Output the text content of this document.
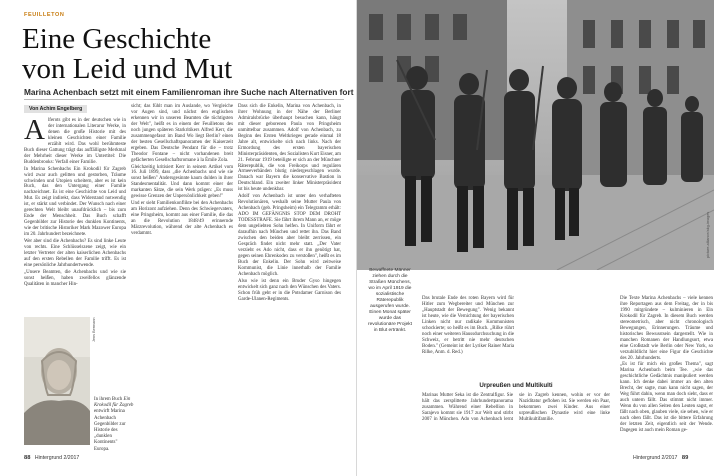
FEUILLETON
Eine Geschichte
von Leid und Mut
Marina Achenbach setzt mit einem Familienroman ihre Suche nach Alternativen fort
Von Achim Engelberg

Alferots gibt es in der deutschen wie in der internationalen Literarur Werke, in denen die große Historie mit des kleinen Geschichten einer Familie erzählt wird. Das wohl berühmteste Buch dieser Gattung trägt das auffälligste Merkmal der Mehrheit dieser Werke im Untertitel: Die Buddenbrooks: Verfall einer Familie.

In Marina Schenbachs Ein Krokodil für Zagreb wird zwar auch gelitten und gestorben, Träume schwinden und Utopien scheitern, aber es ist kein Buch, das den Untergang einer Familie nachzeichnet. Es ist eine Geschichte von Leid und Mut. Es zeigt indirekt, dass Widerstand notwendig ist, er stärkt und verbindet. Der Wunsch nach einer gerechten Welt bleibt unaufdrücklich – bis zum Ende der Menschheit. Das Buch schafft Gegenbilder zur Historie des dunklen Kontinents, wie der britische Historiker Mark Mazower Europa im 20. Jahrhundert bezeichnete.

Wer aber sind die Achenbachs? Es sind linke Leute von rechts. Eine Schlüsselszene zeigt, wie ein letzter Vertreter der alten kaiserlichen Achenbachs auf den ersten Rebellen der Familie trifft. Es ist eine persönliche Jahrhundertwende.

„Unsere Beamten, die Achenbachs und wie sie sonst heißen, haben zweifellos glänzende Qualitäten in mancher Hin-

sicht; das fühlt man im Auslande, wo Vergleiche vor Augen sind, und nächst den englischen erkennen wir in unseren Beamten die tüchtigsten der Welt", heißt es in einem der Feuilletons des noch jungen späteren Starkritikers Alfred Kerr, die zusammengefasst im Band Wo liegt Berlin? einen der besten Gesellschaftspanoramen der Kaiserzeit ergeben. Das Deutsche Pendant für die – trotz Theodor Fontane – nicht vorhandenen breit gefächerten Gesellschaftsromane à la Émile Zola.

Gleichzeitig kritisiert Kerr in seinem Artikel vom 16. Juli 1899, dass „die Achenbachs und wie sie sonst heißen" Andersgesinnte kaum dulden in ihrer Standesmentalität. Und dann kommt einer der markanten Sätze, die sein Werk prägen: „Es muss gewisse Grenzen der Unpersönlichkeit geben!"

Und er sieht Familienkonflikte bei den Achenbachs am Horizont aufziehen. Denn des Schwiegervaters, eine Pringsheim, kommt aus einer Familie, die das an die Revolution 1848/49 erinnernde Märzrevolution, während der alte Achenbach es verdammt.

Dass sich die Enkelin, Marina von Achenbach, in ihrer Wohnung in der Nähe der Berliner Admiralsbrücke überhaupt besuchen kann, hängt mit dieser geborenen Paula von Pringsheim unmittelbar zusammen. Adolf von Achenbach, zu Beginn des Ersten Weltkrieges gerade einmal 18 Jahre alt, entwickelte sich nach links. Nach der Ermordung des ersten bayerischen Ministerpräsidenten, des Sozialisten Kurt Eisner, am 21. Februar 1919 beteiligte er sich an der Münchner Räterepublik, die von Freikorps und regulären Armeeverbänden blutig niedergeschlagen wurde. Danach war Bayern die konservative Bastion in Deutschland. Ein zweiter linker Ministerpräsident ist bis heute undenkbar.

Adolf von Achenbach ist unter den verhafteten Revolutionären, weshalb seine Mutter Paula von Achenbach (geb. Pringsheim) ein Telegramm erhält: ADO IM GEFÄNGNIS STOP DEM DROHT TODESSTRAFE. Sie fährt ihrem Mann an, er möge dem ungeliebten Sohn helfen. In Uniform fährt er daraufhin nach München und rettet ihn. Das Band zwischen den beiden aber bleibt zerrissen, ein Gespräch findet nicht mehr statt. „Der Vater verzieht es Ado nicht, dass er ihn genötigt hat, gegen seinen Ehrenkodex zu verstoßen", heißt es im Buch der Enkelin. Der Sohn wird zeitweise Kommunist, die Linie innerhalb der Familie Achenbach möglich.

Also wie ist denn ein Bruder Gyso hingegen entwickelt sich ganz nach den Wünschen des Vaters. Schon früh geht er in die Potsdamer Garnison des Garde-Ulanen-Regiments.

Jens Bermann
In ihrem Buch Ein Krokodil für Zagreb entwirft Marina Achenbach Gegenbilder zur Historie des „dunklen Kontinents" Europa.
88 Hintergrund 2/2017
picture-alliance/akg-images
Bewaffnete Männer ziehen durch die Straßen Münchens, wo im April 1919 die sozialistische Räterepublik ausgerufen wurde. Einen Monat später wurde das revolutionäre Projekt in Blut ertränkt.

Das brutale Ende des roten Bayern wird für Hitler zum Wegbereiter und München zur „Hauptstadt der Bewegung". Wenig bekannt ist heute, wie die Vernichtung der bayerischen Linken nicht nur radikale Kommunisten schockierte; so heißt es im Buch. „Rilke rührt noch einer weiteren Haussdurchsuchung in die Schweiz, er betritt nie mehr deutschen Boden." (Gemeint ist der Lyriker Rainer Maria Rilke, Anm. d. Red.)

Urpreußen und Multikulti

Marinas Mutter Seka ist die Zentralfigur. Sie hält das zersplitterte Jahrhundertpanorama zusammen. Während einer Rebellion in Sarajevo kommt sie 1917 zur Welt und stirbt 2007 in München. Ado von Achenbach lernt sie in Zagreb kennen, wohin er vor der Naziditatur geflohen ist. Sie werden ein Paar, bekommen zwei Kinder. Aus einer urpreußischen Dynastie wird eine linke Multikultifamilie.

Die Texte Marina Achenbachs – viele kennen ihre Reportagen aus dem Freitag, der in bis 1990 mitgründete – kulminieren in Ein Krokodil für Zagreb. In diesem Buch werden stereometrisch, aber nicht chronologisch Bewegungen, Erinnerungen. Träume und historisches Bewusstsein dargestellt. Wie in manchen Romanen der Handlungsort, etwa eine Großstadt wie Berlin oder New York, so verzubildlicht hier eine Figur die Geschichte des 20. Jahrhunderts.

„Es ist für mich ein großes Thema", sagt Marina Achenbach beim Tee. „wie das geschichtliche Gedächtnis manipuliert werden kann. Ich denke dabei immer an den alten Brecht, der sagte, man kann nicht sagen, der Weg führt dahin, wenn man doch sieht, dass er auch untern fällt. Das stimmt nicht immer. Wenn du von allen Seiten den Leuten sagst, er fällt nach oben, glauben viele, sie sehen, wie er nach oben fällt. Das ist die bittere Erfahrung der letzten Zeit, eigentlich seit der Wende. Dagegen ist auch mein Roman ge-

Hintergrund 2/2017 89
